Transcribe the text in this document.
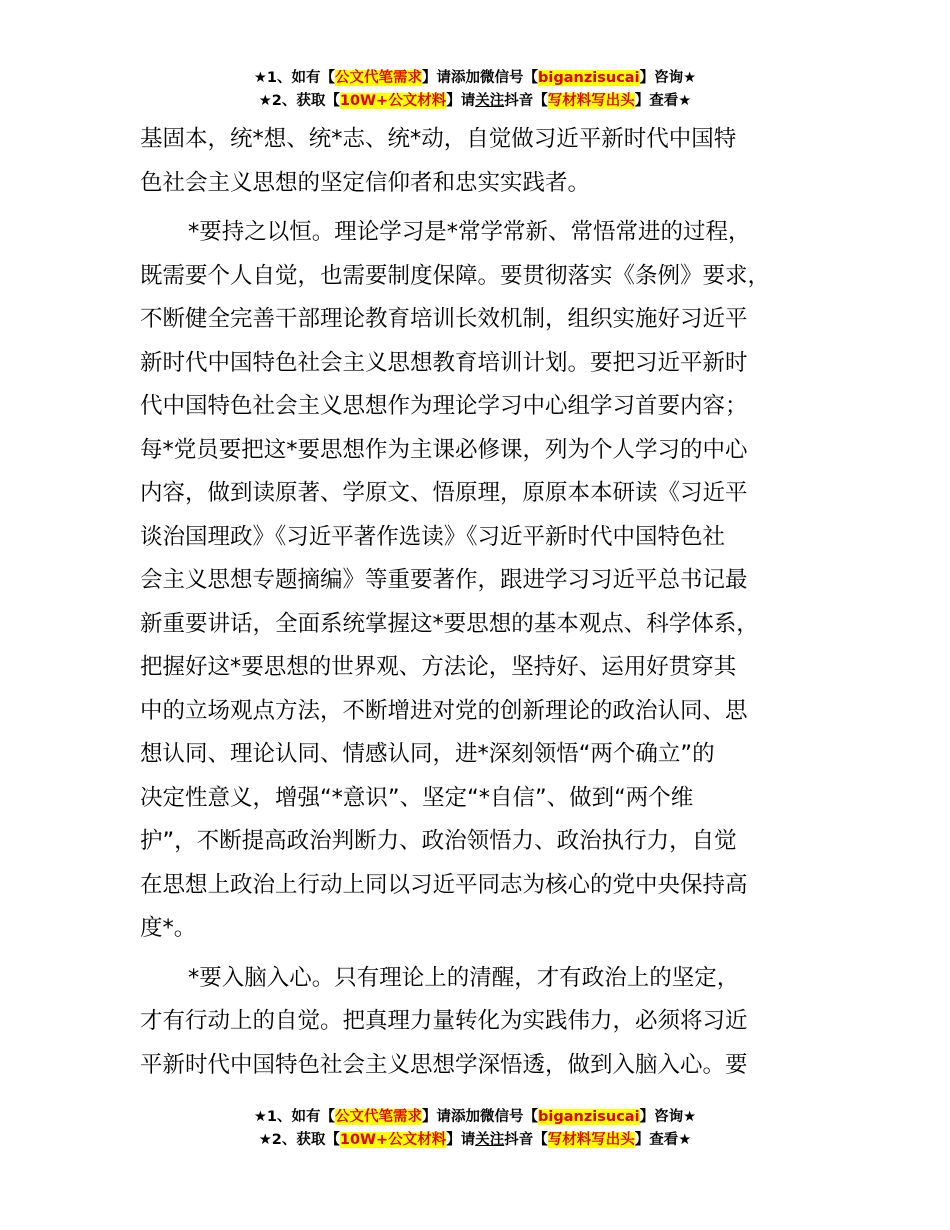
★1、如有【公文代笔需求】请添加微信号【biganzisucai】咨询★
★2、获取【10W+公文材料】请关注抖音【写材料写出头】查看★

基固本，统*想、统*志、统*动，自觉做习近平新时代中国特
色社会主义思想的坚定信仰者和忠实实践者。

*要持之以恒。理论学习是*常学常新、常悟常进的过程，
既需要个人自觉，也需要制度保障。要贯彻落实《条例》要求，
不断健全完善干部理论教育培训长效机制，组织实施好习近平
新时代中国特色社会主义思想教育培训计划。要把习近平新时
代中国特色社会主义思想作为理论学习中心组学习首要内容；
每*党员要把这*要思想作为主课必修课，列为个人学习的中心
内容，做到读原著、学原文、悟原理，原原本本研读《习近平
谈治国理政》《习近平著作选读》《习近平新时代中国特色社
会主义思想专题摘编》等重要著作，跟进学习习近平总书记最
新重要讲话，全面系统掌握这*要思想的基本观点、科学体系，
把握好这*要思想的世界观、方法论，坚持好、运用好贯穿其
中的立场观点方法，不断增进对党的创新理论的政治认同、思
想认同、理论认同、情感认同，进*深刻领悟“两个确立”的
决定性意义，增强“*意识”、坚定“*自信”、做到“两个维
护”，不断提高政治判断力、政治领悟力、政治执行力，自觉
在思想上政治上行动上同以习近平同志为核心的党中央保持高
度*。

*要入脑入心。只有理论上的清醒，才有政治上的坚定，
才有行动上的自觉。把真理力量转化为实践伟力，必须将习近
平新时代中国特色社会主义思想学深悟透，做到入脑入心。要

★1、如有【公文代笔需求】请添加微信号【biganzisucai】咨询★
★2、获取【10W+公文材料】请关注抖音【写材料写出头】查看★
